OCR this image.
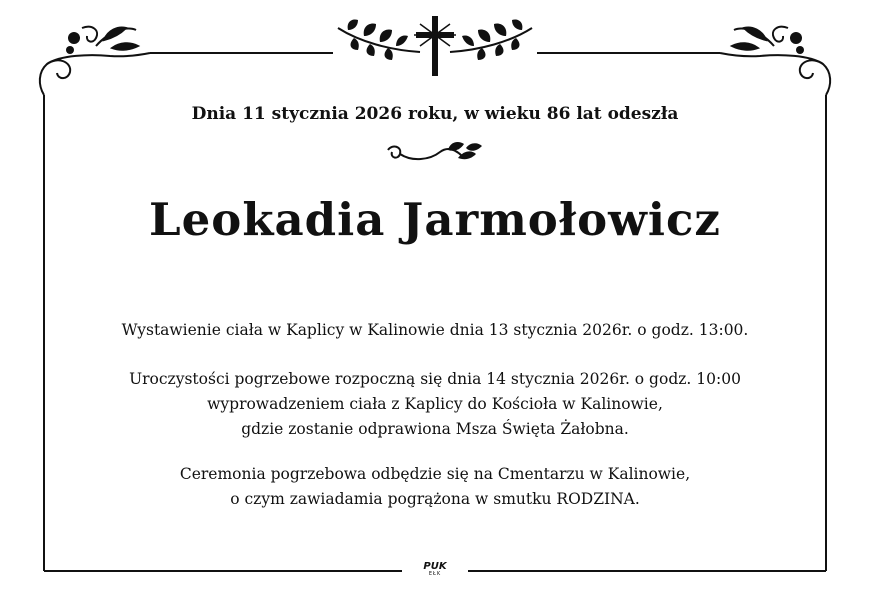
Dnia 11 stycznia 2026 roku, w wieku 86 lat odeszła
Leokadia Jarmołowicz
Wystawienie ciała w Kaplicy w Kalinowie dnia 13 stycznia 2026r. o godz. 13:00.
Uroczystości pogrzebowe rozpoczną się dnia 14 stycznia 2026r. o godz. 10:00
wyprowadzeniem ciała z Kaplicy do Kościoła w Kalinowie,
gdzie zostanie odprawiona Msza Święta Żałobna.
Ceremonia pogrzebowa odbędzie się na Cmentarzu w Kalinowie,
o czym zawiadamia pogrążona w smutku RODZINA.
PUK
EŁK
